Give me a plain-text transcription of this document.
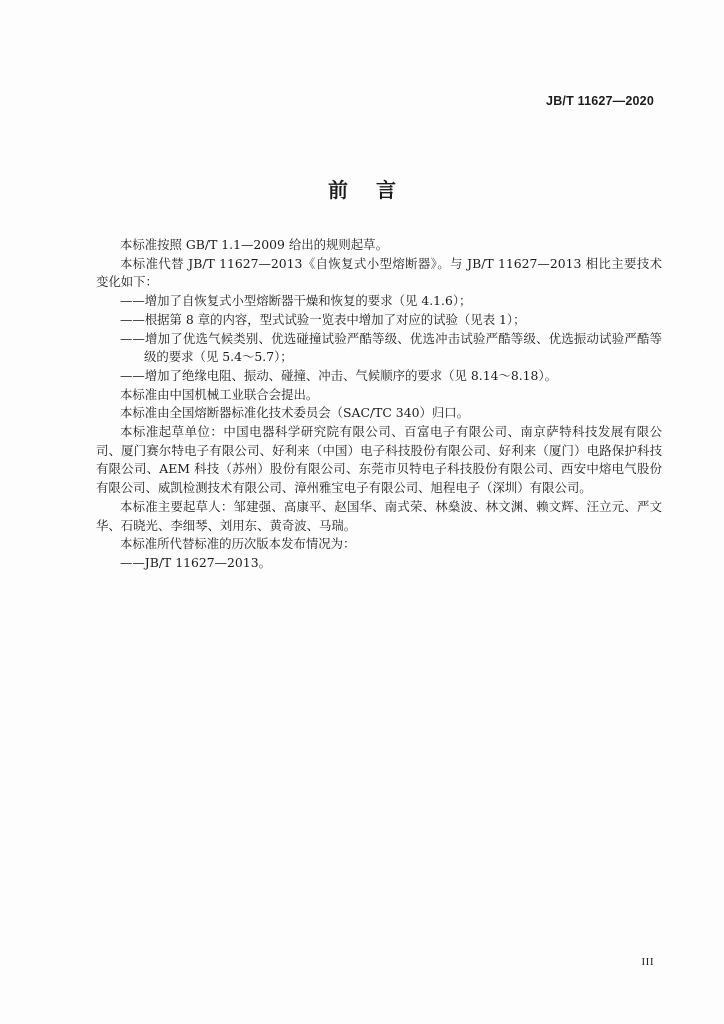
JB/T 11627—2020
前 言

本标准按照 GB/T 1.1—2009 给出的规则起草。

本标准代替 JB/T 11627—2013《自恢复式小型熔断器》。与 JB/T 11627—2013 相比主要技术变化如下：

——增加了自恢复式小型熔断器干燥和恢复的要求（见 4.1.6）；

——根据第 8 章的内容，型式试验一览表中增加了对应的试验（见表 1）；

——增加了优选气候类别、优选碰撞试验严酷等级、优选冲击试验严酷等级、优选振动试验严酷等级的要求（见 5.4～5.7）；

——增加了绝缘电阻、振动、碰撞、冲击、气候顺序的要求（见 8.14～8.18）。

本标准由中国机械工业联合会提出。

本标准由全国熔断器标准化技术委员会（SAC/TC 340）归口。

本标准起草单位：中国电器科学研究院有限公司、百富电子有限公司、南京萨特科技发展有限公司、厦门赛尔特电子有限公司、好利来（中国）电子科技股份有限公司、好利来（厦门）电路保护科技有限公司、AEM 科技（苏州）股份有限公司、东莞市贝特电子科技股份有限公司、西安中熔电气股份有限公司、威凯检测技术有限公司、漳州雅宝电子有限公司、旭程电子（深圳）有限公司。

本标准主要起草人：邹建强、高康平、赵国华、南式荣、林燊波、林文渊、赖文辉、汪立元、严文华、石晓光、李细琴、刘用东、黄奇波、马瑞。

本标准所代替标准的历次版本发布情况为：

——JB/T 11627—2013。

III
